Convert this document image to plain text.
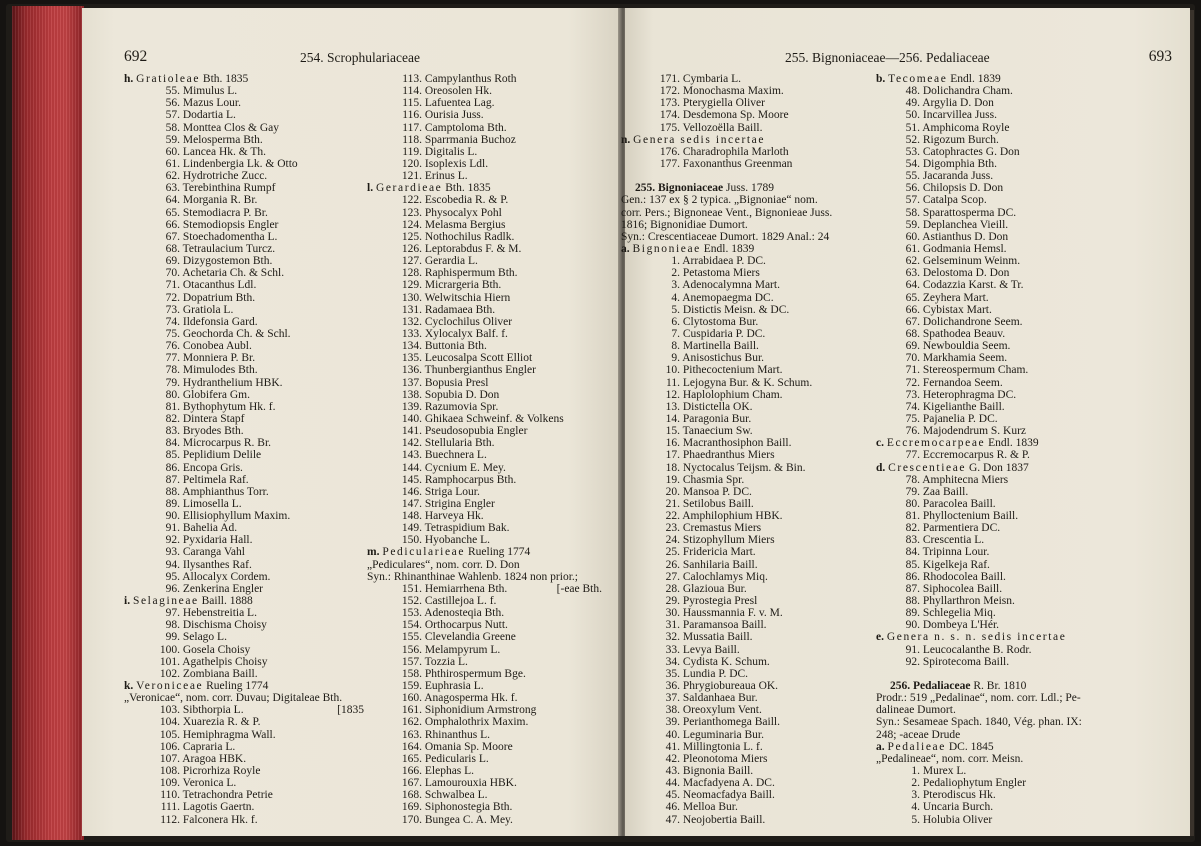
692	254. Scrophulariaceae
h. Gratioleae Bth. 1835
55. Mimulus L.
56. Mazus Lour.
57. Dodartia L.
58. Monttea Clos & Gay
59. Melosperma Bth.
60. Lancea Hk. & Th.
61. Lindenbergia Lk. & Otto
62. Hydrotriche Zucc.
63. Terebinthina Rumpf
64. Morgania R. Br.
65. Stemodiacra P. Br.
66. Stemodiopsis Engler
67. Stoechadomentha L.
68. Tetraulacium Turcz.
69. Dizygostemon Bth.
70. Achetaria Ch. & Schl.
71. Otacanthus Ldl.
72. Dopatrium Bth.
73. Gratiola L.
74. Ildefonsia Gard.
75. Geochorda Ch. & Schl.
76. Conobea Aubl.
77. Monniera P. Br.
78. Mimulodes Bth.
79. Hydranthelium HBK.
80. Globifera Gm.
81. Bythophytum Hk. f.
82. Dintera Stapf
83. Bryodes Bth.
84. Microcarpus R. Br.
85. Peplidium Delile
86. Encopa Gris.
87. Peltimela Raf.
88. Amphianthus Torr.
89. Limosella L.
90. Ellisiophyllum Maxim.
91. Bahelia Ad.
92. Pyxidaria Hall.
93. Caranga Vahl
94. Ilysanthes Raf.
95. Allocalyx Cordem.
96. Zenkerina Engler
i. Selagineae Baill. 1888
97. Hebenstreitia L.
98. Dischisma Choisy
99. Selago L.
100. Gosela Choisy
101. Agathelpis Choisy
102. Zombiana Baill.
k. Veroniceae Rueling 1774
„Veronicae“, nom. corr. Duvau; Digitaleae Bth.
103. Sibthorpia L.	[1835
104. Xuarezia R. & P.
105. Hemiphragma Wall.
106. Capraria L.
107. Aragoa HBK.
108. Picrorhiza Royle
109. Veronica L.
110. Tetrachondra Petrie
111. Lagotis Gaertn.
112. Falconera Hk. f.
113. Campylanthus Roth
114. Oreosolen Hk.
115. Lafuentea Lag.
116. Ourisia Juss.
117. Camptoloma Bth.
118. Sparrmania Buchoz
119. Digitalis L.
120. Isoplexis Ldl.
121. Erinus L.
l. Gerardieae Bth. 1835
122. Escobedia R. & P.
123. Physocalyx Pohl
124. Melasma Bergius
125. Nothochilus Radlk.
126. Leptorabdus F. & M.
127. Gerardia L.
128. Raphispermum Bth.
129. Micrargeria Bth.
130. Welwitschia Hiern
131. Radamaea Bth.
132. Cyclochilus Oliver
133. Xylocalyx Balf. f.
134. Buttonia Bth.
135. Leucosalpa Scott Elliot
136. Thunbergianthus Engler
137. Bopusia Presl
138. Sopubia D. Don
139. Razumovia Spr.
140. Ghikaea Schweinf. & Volkens
141. Pseudosopubia Engler
142. Stellularia Bth.
143. Buechnera L.
144. Cycnium E. Mey.
145. Ramphocarpus Bth.
146. Striga Lour.
147. Strigina Engler
148. Harveya Hk.
149. Tetraspidium Bak.
150. Hyobanche L.
m. Pedicularieae Rueling 1774
„Pediculares“, nom. corr. D. Don
Syn.: Rhinanthinae Wahlenb. 1824 non prior.;
151. Hemiarrhena Bth.	[-eae Bth.
152. Castillejoa L. f.
153. Adenosteqia Bth.
154. Orthocarpus Nutt.
155. Clevelandia Greene
156. Melampyrum L.
157. Tozzia L.
158. Phthirospermum Bge.
159. Euphrasia L.
160. Anagosperma Hk. f.
161. Siphonidium Armstrong
162. Omphalothrix Maxim.
163. Rhinanthus L.
164. Omania Sp. Moore
165. Pedicularis L.
166. Elephas L.
167. Lamourouxia HBK.
168. Schwalbea L.
169. Siphonostegia Bth.
170. Bungea C. A. Mey.
255. Bignoniaceae—256. Pedaliaceae	693
171. Cymbaria L.
172. Monochasma Maxim.
173. Pterygiella Oliver
174. Desdemona Sp. Moore
175. Vellozoëlla Baill.
n. Genera sedis incertae
176. Charadrophila Marloth
177. Faxonanthus Greenman
255. Bignoniaceae Juss. 1789
Gen.: 137 ex § 2 typica. „Bignoniae“ nom.
corr. Pers.; Bignoneae Vent., Bignonieae Juss.
1816; Bignonidiae Dumort.
Syn.: Crescentiaceae Dumort. 1829 Anal.: 24
a. Bignonieae Endl. 1839
1. Arrabidaea P. DC.
2. Petastoma Miers
3. Adenocalymna Mart.
4. Anemopaegma DC.
5. Distictis Meisn. & DC.
6. Clytostoma Bur.
7. Cuspidaria P. DC.
8. Martinella Baill.
9. Anisostichus Bur.
10. Pithecoctenium Mart.
11. Lejogyna Bur. & K. Schum.
12. Haplolophium Cham.
13. Distictella OK.
14. Paragonia Bur.
15. Tanaecium Sw.
16. Macranthosiphon Baill.
17. Phaedranthus Miers
18. Nyctocalus Teijsm. & Bin.
19. Chasmia Spr.
20. Mansoa P. DC.
21. Setilobus Baill.
22. Amphilophium HBK.
23. Cremastus Miers
24. Stizophyllum Miers
25. Fridericia Mart.
26. Sanhilaria Baill.
27. Calochlamys Miq.
28. Glazioua Bur.
29. Pyrostegia Presl
30. Haussmannia F. v. M.
31. Paramansoa Baill.
32. Mussatia Baill.
33. Levya Baill.
34. Cydista K. Schum.
35. Lundia P. DC.
36. Phrygiobureaua OK.
37. Saldanhaea Bur.
38. Oreoxylum Vent.
39. Perianthomega Baill.
40. Leguminaria Bur.
41. Millingtonia L. f.
42. Pleonotoma Miers
43. Bignonia Baill.
44. Macfadyena A. DC.
45. Neomacfadya Baill.
46. Melloa Bur.
47. Neojobertia Baill.
b. Tecomeae Endl. 1839
48. Dolichandra Cham.
49. Argylia D. Don
50. Incarvillea Juss.
51. Amphicoma Royle
52. Rigozum Burch.
53. Catophractes G. Don
54. Digomphia Bth.
55. Jacaranda Juss.
56. Chilopsis D. Don
57. Catalpa Scop.
58. Sparattosperma DC.
59. Deplanchea Vieill.
60. Astianthus D. Don
61. Godmania Hemsl.
62. Gelseminum Weinm.
63. Delostoma D. Don
64. Codazzia Karst. & Tr.
65. Zeyhera Mart.
66. Cybistax Mart.
67. Dolichandrone Seem.
68. Spathodea Beauv.
69. Newbouldia Seem.
70. Markhamia Seem.
71. Stereospermum Cham.
72. Fernandoa Seem.
73. Heterophragma DC.
74. Kigelianthe Baill.
75. Pajanelia P. DC.
76. Majodendrum S. Kurz
c. Eccremocarpeae Endl. 1839
77. Eccremocarpus R. & P.
d. Crescentieae G. Don 1837
78. Amphitecna Miers
79. Zaa Baill.
80. Paracolea Baill.
81. Phylloctenium Baill.
82. Parmentiera DC.
83. Crescentia L.
84. Tripinna Lour.
85. Kigelkeja Raf.
86. Rhodocolea Baill.
87. Siphocolea Baill.
88. Phyllarthron Meisn.
89. Schlegelia Miq.
90. Dombeya L'Hér.
e. Genera n. s. n. sedis incertae
91. Leucocalanthe B. Rodr.
92. Spirotecoma Baill.
256. Pedaliaceae R. Br. 1810
Prodr.: 519 „Pedalinae“, nom. corr. Ldl.; Pe-
dalineae Dumort.
Syn.: Sesameae Spach. 1840, Vég. phan. IX:
248; -aceae Drude
a. Pedalieae DC. 1845
„Pedalineae“, nom. corr. Meisn.
1. Murex L.
2. Pedaliophytum Engler
3. Pterodiscus Hk.
4. Uncaria Burch.
5. Holubia Oliver
